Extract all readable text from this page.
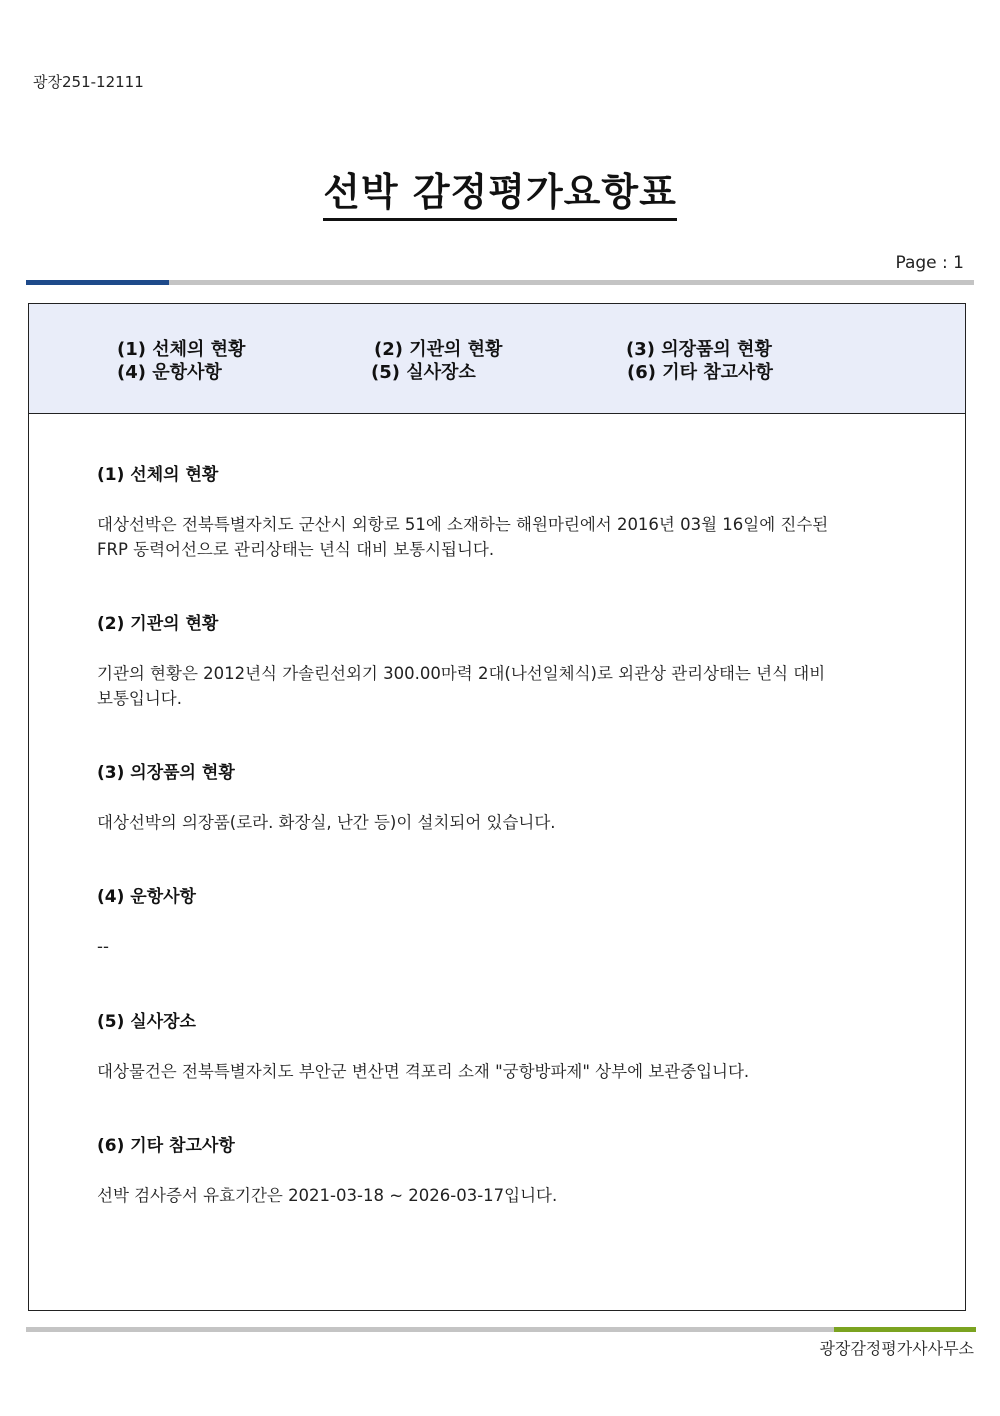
광장251-12111
선박 감정평가요항표
Page : 1
(1) 선체의 현황	(2) 기관의 현황	(3) 의장품의 현황
(4) 운항사항	(5) 실사장소	(6) 기타 참고사항

(1) 선체의 현황

대상선박은 전북특별자치도 군산시 외항로 51에 소재하는 해원마린에서 2016년 03월 16일에 진수된
FRP 동력어선으로 관리상태는 년식 대비 보통시됩니다.

(2) 기관의 현황

기관의 현황은 2012년식 가솔린선외기 300.00마력 2대(나선일체식)로 외관상 관리상태는 년식 대비
보통입니다.

(3) 의장품의 현황

대상선박의 의장품(로라. 화장실, 난간 등)이 설치되어 있습니다.

(4) 운항사항

--

(5) 실사장소

대상물건은 전북특별자치도 부안군 변산면 격포리 소재 "궁항방파제" 상부에 보관중입니다.

(6) 기타 참고사항

선박 검사증서 유효기간은 2021-03-18 ~ 2026-03-17입니다.

광장감정평가사사무소
